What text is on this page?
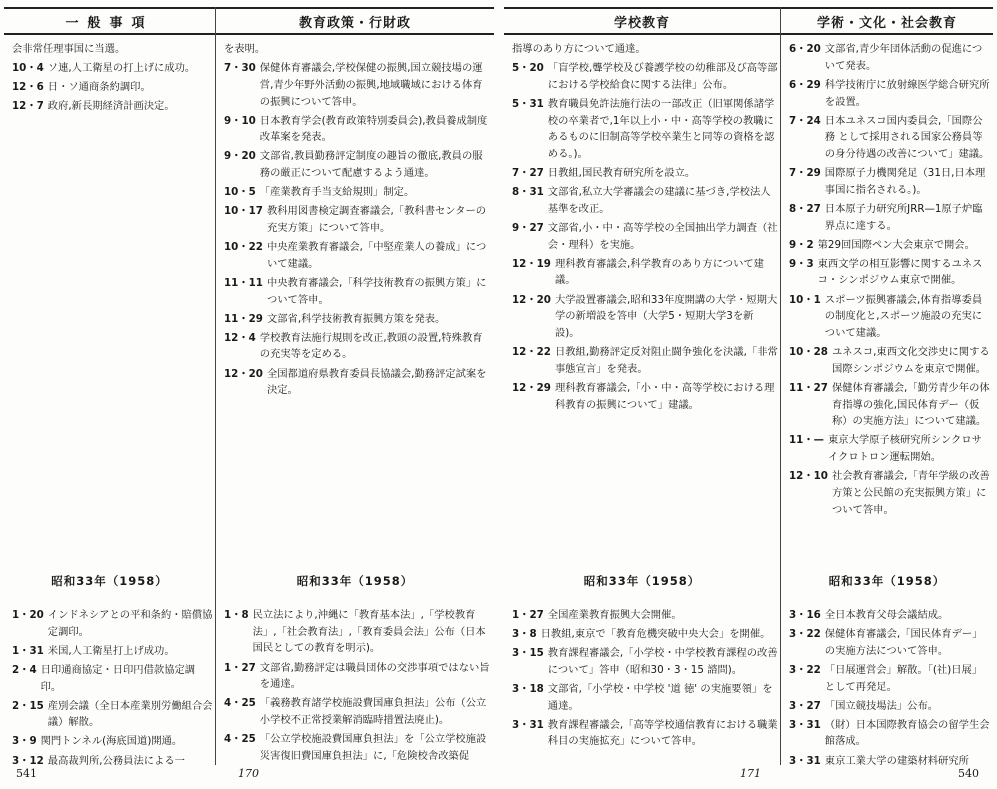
一般事項
会非常任理事国に当選。
10・4 ソ連,人工衛星の打上げに成功。
12・6 日・ソ通商条約調印。
12・7 政府,新長期経済計画決定。
昭和33年（1958）
1・20 インドネシアとの平和条約・賠償協定調印。
1・31 米国,人工衛星打上げ成功。
2・4 日印通商協定・日印円借款協定調印。
2・15 産別会議（全日本産業別労働組合会議）解散。
3・9 関門トンネル(海底国道)開通。
3・12 最高裁判所,公務員法による一
教育政策・行財政
を表明。
7・30 保健体育審議会,学校保健の振興,国立競技場の運営,青少年野外活動の振興,地域職域における体育の振興について答申。
9・10 日本教育学会(教育政策特別委員会),教員養成制度改革案を発表。
9・20 文部省,教員勤務評定制度の趣旨の徹底,教員の服務の厳正について配慮するよう通達。
10・5 「産業教育手当支給規則」制定。
10・17 教科用図書検定調査審議会,「教科書センターの充実方策」について答申。
10・22 中央産業教育審議会,「中堅産業人の養成」について建議。
11・11 中央教育審議会,「科学技術教育の振興方策」について答申。
11・29 文部省,科学技術教育振興方策を発表。
12・4 学校教育法施行規則を改正,教頭の設置,特殊教育の充実等を定める。
12・20 全国都道府県教育委員長協議会,勤務評定試案を決定。
昭和33年（1958）
1・8 民立法により,沖縄に「教育基本法」,「学校教育法」,「社会教育法」,「教育委員会法」公布（日本国民としての教育を明示)。
1・27 文部省,勤務評定は職員団体の交渉事項ではない旨を通達。
4・25 「義務教育諸学校施設費国庫負担法」公布（公立小学校不正常授業解消臨時措置法廃止)。
4・25 「公立学校施設費国庫負担法」を「公立学校施設災害復旧費国庫負担法」に,「危険校舎改築促
学校教育
指導のあり方について通達。
5・20 「盲学校,聾学校及び養護学校の幼稚部及び高等部における学校給食に関する法律」公布。
5・31 教育職員免許法施行法の一部改正（旧軍関係諸学校の卒業者で,1年以上小・中・高等学校の教職にあるものに旧制高等学校卒業生と同等の資格を認める。)。
7・27 日教組,国民教育研究所を設立。
8・31 文部省,私立大学審議会の建議に基づき,学校法人基準を改正。
9・27 文部省,小・中・高等学校の全国抽出学力調査（社会・理科）を実施。
12・19 理科教育審議会,科学教育のあり方について建議。
12・20 大学設置審議会,昭和33年度開講の大学・短期大学の新増設を答申（大学5・短期大学3を新設)。
12・22 日教組,勤務評定反対阻止闘争強化を決議,「非常事態宣言」を発表。
12・29 理科教育審議会,「小・中・高等学校における理科教育の振興について」建議。
昭和33年（1958）
1・27 全国産業教育振興大会開催。
3・8 日教組,東京で「教育危機突破中央大会」を開催。
3・15 教育課程審議会,「小学校・中学校教育課程の改善について」答申（昭和30・3・15 諮問)。
3・18 文部省,「小学校・中学校 '道 徳' の実施要領」を通達。
3・31 教育課程審議会,「高等学校通信教育における職業科目の実施拡充」について答申。
学術・文化・社会教育
6・20 文部省,青少年団体活動の促進について発表。
6・29 科学技術庁に放射線医学総合研究所を設置。
7・24 日本ユネスコ国内委員会,「国際公務 として採用される国家公務員等の身分待遇の改善について」建議。
7・29 国際原子力機関発足（31日,日本理事国に指名される。)。
8・27 日本原子力研究所JRR—1原子炉臨界点に達する。
9・2 第29回国際ペン大会東京で開会。
9・3 東西文学の相互影響に関するユネスコ・シンポジウム東京で開催。
10・1 スポーツ振興審議会,体育指導委員の制度化と,スポーツ施設の充実について建議。
10・28 ユネスコ,東西文化交渉史に関する国際シンポジウムを東京で開催。
11・27 保健体育審議会,「勤労青少年の体育指導の強化,国民体育デー（仮称）の実施方法」について建議。
11・— 東京大学原子核研究所シンクロサイクロトロン運転開始。
12・10 社会教育審議会,「青年学級の改善方策と公民館の充実振興方策」について答申。
昭和33年（1958）
3・16 全日本教育父母会議結成。
3・22 保健体育審議会,「国民体育デー」の実施方法について答申。
3・22 「日展運営会」解散。「(社)日展」として再発足。
3・27 「国立競技場法」公布。
3・31 （財）日本国際教育協会の留学生会館落成。
3・31 東京工業大学の建築材料研究所
541	170	171	540
